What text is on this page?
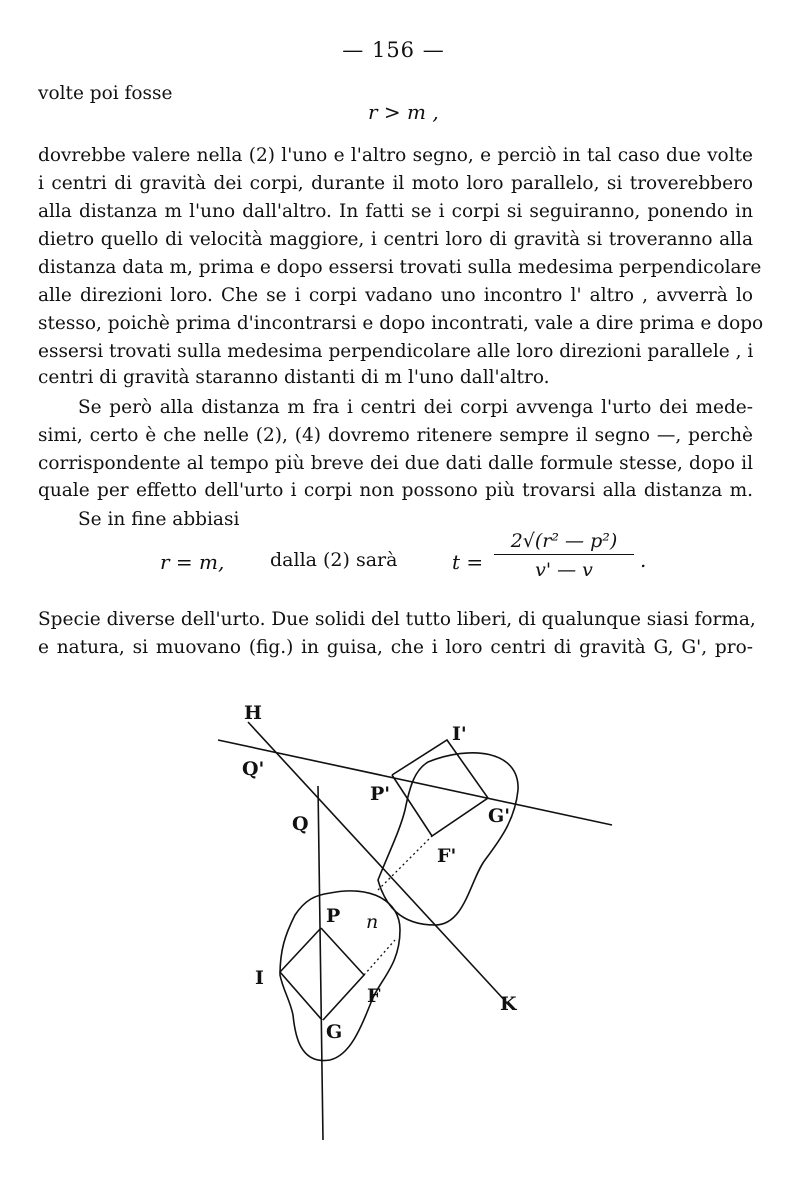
— 156 —
volte poi fosse
r > m ,
dovrebbe valere nella (2) l'uno e l'altro segno, e perciò in tal caso due volte
i centri di gravità dei corpi, durante il moto loro parallelo, si troverebbero
alla distanza m l'uno dall'altro. In fatti se i corpi si seguiranno, ponendo in
dietro quello di velocità maggiore, i centri loro di gravità si troveranno alla
distanza data m, prima e dopo essersi trovati sulla medesima perpendicolare
alle direzioni loro. Che se i corpi vadano uno incontro l' altro , avverrà lo
stesso, poichè prima d'incontrarsi e dopo incontrati, vale a dire prima e dopo
essersi trovati sulla medesima perpendicolare alle loro direzioni parallele , i
centri di gravità staranno distanti di m l'uno dall'altro.
Se però alla distanza m fra i centri dei corpi avvenga l'urto dei mede-
simi, certo è che nelle (2), (4) dovremo ritenere sempre il segno —, perchè
corrispondente al tempo più breve dei due dati dalle formule stesse, dopo il
quale per effetto dell'urto i corpi non possono più trovarsi alla distanza m.
Se in fine abbiasi
r = m, dalla (2) sarà	$t = \frac{\text{2√(r² — p²)}}{v' — v}$ .
Specie diverse dell'urto. Due solidi del tutto liberi, di qualunque siasi forma,
e natura, si muovano (fig.) in guisa, che i loro centri di gravità G, G', pro-
H
Q'
Q
P'
I'
G'
F'
P n
I
F
G
K
